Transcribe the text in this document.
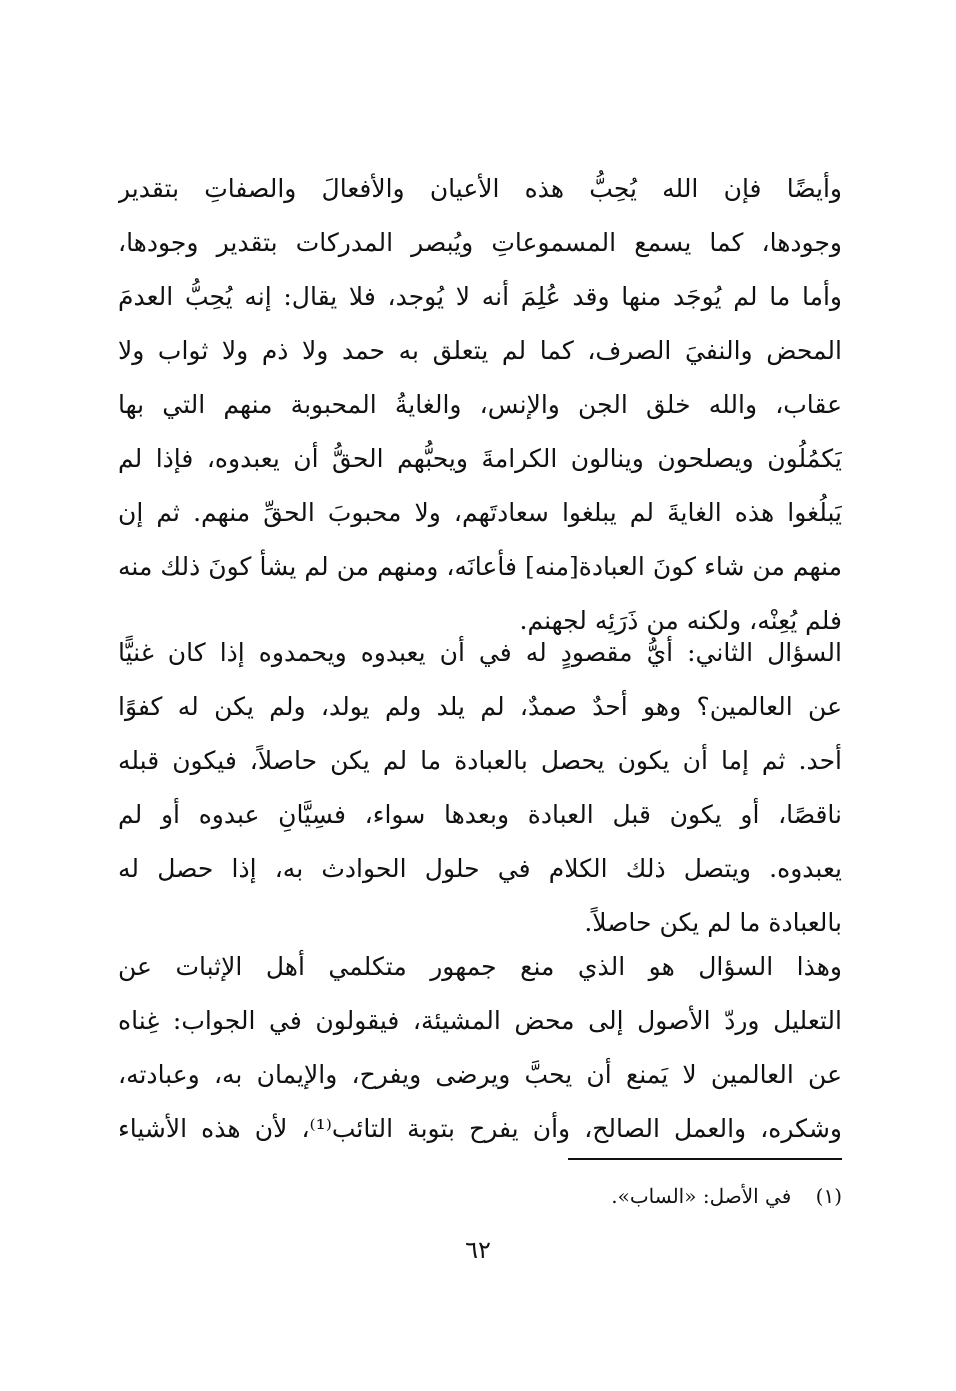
وأيضًا فإن الله يُحِبُّ هذه الأعيان والأفعالَ والصفاتِ بتقدير
وجودها، كما يسمع المسموعاتِ ويُبصر المدركات بتقدير وجودها،
وأما ما لم يُوجَد منها وقد عُلِمَ أنه لا يُوجد، فلا يقال: إنه يُحِبُّ العدمَ
المحض والنفيَ الصرف، كما لم يتعلق به حمد ولا ذم ولا ثواب ولا
عقاب، والله خلق الجن والإنس، والغايةُ المحبوبة منهم التي بها
يَكمُلُون ويصلحون وينالون الكرامةَ ويحبُّهم الحقُّ أن يعبدوه، فإذا لم
يَبلُغوا هذه الغايةَ لم يبلغوا سعادتَهم، ولا محبوبَ الحقِّ منهم. ثم إن
منهم من شاء كونَ العبادة[منه] فأعانَه، ومنهم من لم يشأ كونَ ذلك منه
فلم يُعِنْه، ولكنه من ذَرَئِه لجهنم.
السؤال الثاني: أيُّ مقصودٍ له في أن يعبدوه ويحمدوه إذا كان غنيًّا
عن العالمين؟ وهو أحدٌ صمدٌ، لم يلد ولم يولد، ولم يكن له كفوًا
أحد. ثم إما أن يكون يحصل بالعبادة ما لم يكن حاصلاً، فيكون قبله
ناقصًا، أو يكون قبل العبادة وبعدها سواء، فسِيَّانِ عبدوه أو لم
يعبدوه. ويتصل ذلك الكلام في حلول الحوادث به، إذا حصل له
بالعبادة ما لم يكن حاصلاً.
وهذا السؤال هو الذي منع جمهور متكلمي أهل الإثبات عن
التعليل وردّ الأصول إلى محض المشيئة، فيقولون في الجواب: غِناه
عن العالمين لا يَمنع أن يحبَّ ويرضى ويفرح، والإيمان به، وعبادته،
وشكره، والعمل الصالح، وأن يفرح بتوبة التائب⁽¹⁾، لأن هذه الأشياء
(١) في الأصل: «الساب».
٦٢
